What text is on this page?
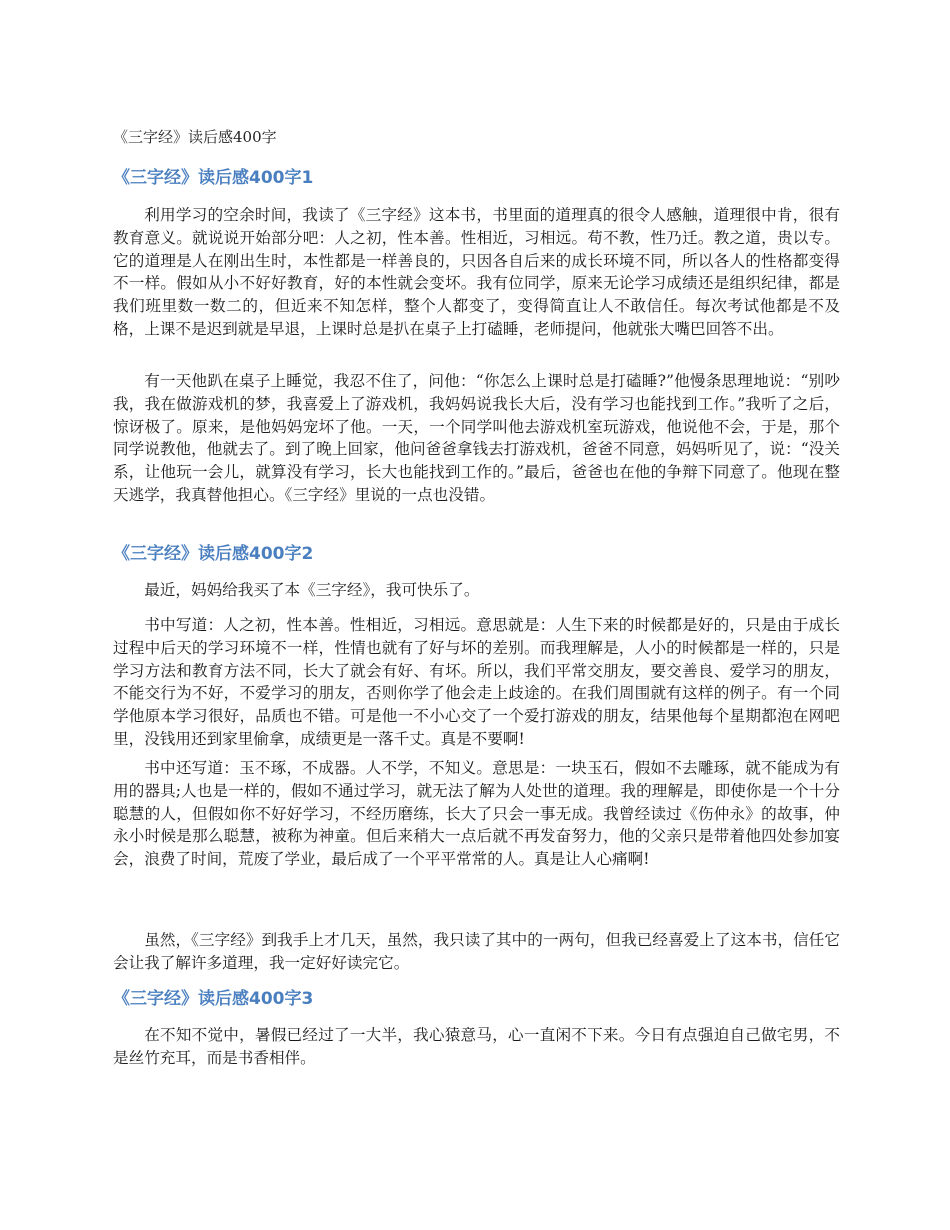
《三字经》读后感400字
《三字经》读后感400字1

利用学习的空余时间，我读了《三字经》这本书，书里面的道理真的很令人感触，道理很中肯，很有教育意义。就说说开始部分吧：人之初，性本善。性相近，习相远。苟不教，性乃迁。教之道，贵以专。它的道理是人在刚出生时，本性都是一样善良的，只因各自后来的成长环境不同，所以各人的性格都变得不一样。假如从小不好好教育，好的本性就会变坏。我有位同学，原来无论学习成绩还是组织纪律，都是我们班里数一数二的，但近来不知怎样，整个人都变了，变得简直让人不敢信任。每次考试他都是不及格，上课不是迟到就是早退，上课时总是扒在桌子上打磕睡，老师提问，他就张大嘴巴回答不出。

有一天他趴在桌子上睡觉，我忍不住了，问他：“你怎么上课时总是打磕睡?”他慢条思理地说：“别吵我，我在做游戏机的梦，我喜爱上了游戏机，我妈妈说我长大后，没有学习也能找到工作。”我听了之后，惊讶极了。原来，是他妈妈宠坏了他。一天，一个同学叫他去游戏机室玩游戏，他说他不会，于是，那个同学说教他，他就去了。到了晚上回家，他问爸爸拿钱去打游戏机，爸爸不同意，妈妈听见了，说：“没关系，让他玩一会儿，就算没有学习，长大也能找到工作的。”最后，爸爸也在他的争辩下同意了。他现在整天逃学，我真替他担心。《三字经》里说的一点也没错。

《三字经》读后感400字2

最近，妈妈给我买了本《三字经》，我可快乐了。

书中写道：人之初，性本善。性相近，习相远。意思就是：人生下来的时候都是好的，只是由于成长过程中后天的学习环境不一样，性情也就有了好与坏的差别。而我理解是，人小的时候都是一样的，只是学习方法和教育方法不同，长大了就会有好、有坏。所以，我们平常交朋友，要交善良、爱学习的朋友，不能交行为不好，不爱学习的朋友，否则你学了他会走上歧途的。在我们周围就有这样的例子。有一个同学他原本学习很好，品质也不错。可是他一不小心交了一个爱打游戏的朋友，结果他每个星期都泡在网吧里，没钱用还到家里偷拿，成绩更是一落千丈。真是不要啊!

书中还写道：玉不琢，不成器。人不学，不知义。意思是：一块玉石，假如不去雕琢，就不能成为有用的器具;人也是一样的，假如不通过学习，就无法了解为人处世的道理。我的理解是，即使你是一个十分聪慧的人，但假如你不好好学习，不经历磨练，长大了只会一事无成。我曾经读过《伤仲永》的故事，仲永小时候是那么聪慧，被称为神童。但后来稍大一点后就不再发奋努力，他的父亲只是带着他四处参加宴会，浪费了时间，荒废了学业，最后成了一个平平常常的人。真是让人心痛啊!

虽然，《三字经》到我手上才几天，虽然，我只读了其中的一两句，但我已经喜爱上了这本书，信任它会让我了解许多道理，我一定好好读完它。

《三字经》读后感400字3

在不知不觉中，暑假已经过了一大半，我心猿意马，心一直闲不下来。今日有点强迫自己做宅男，不是丝竹充耳，而是书香相伴。
